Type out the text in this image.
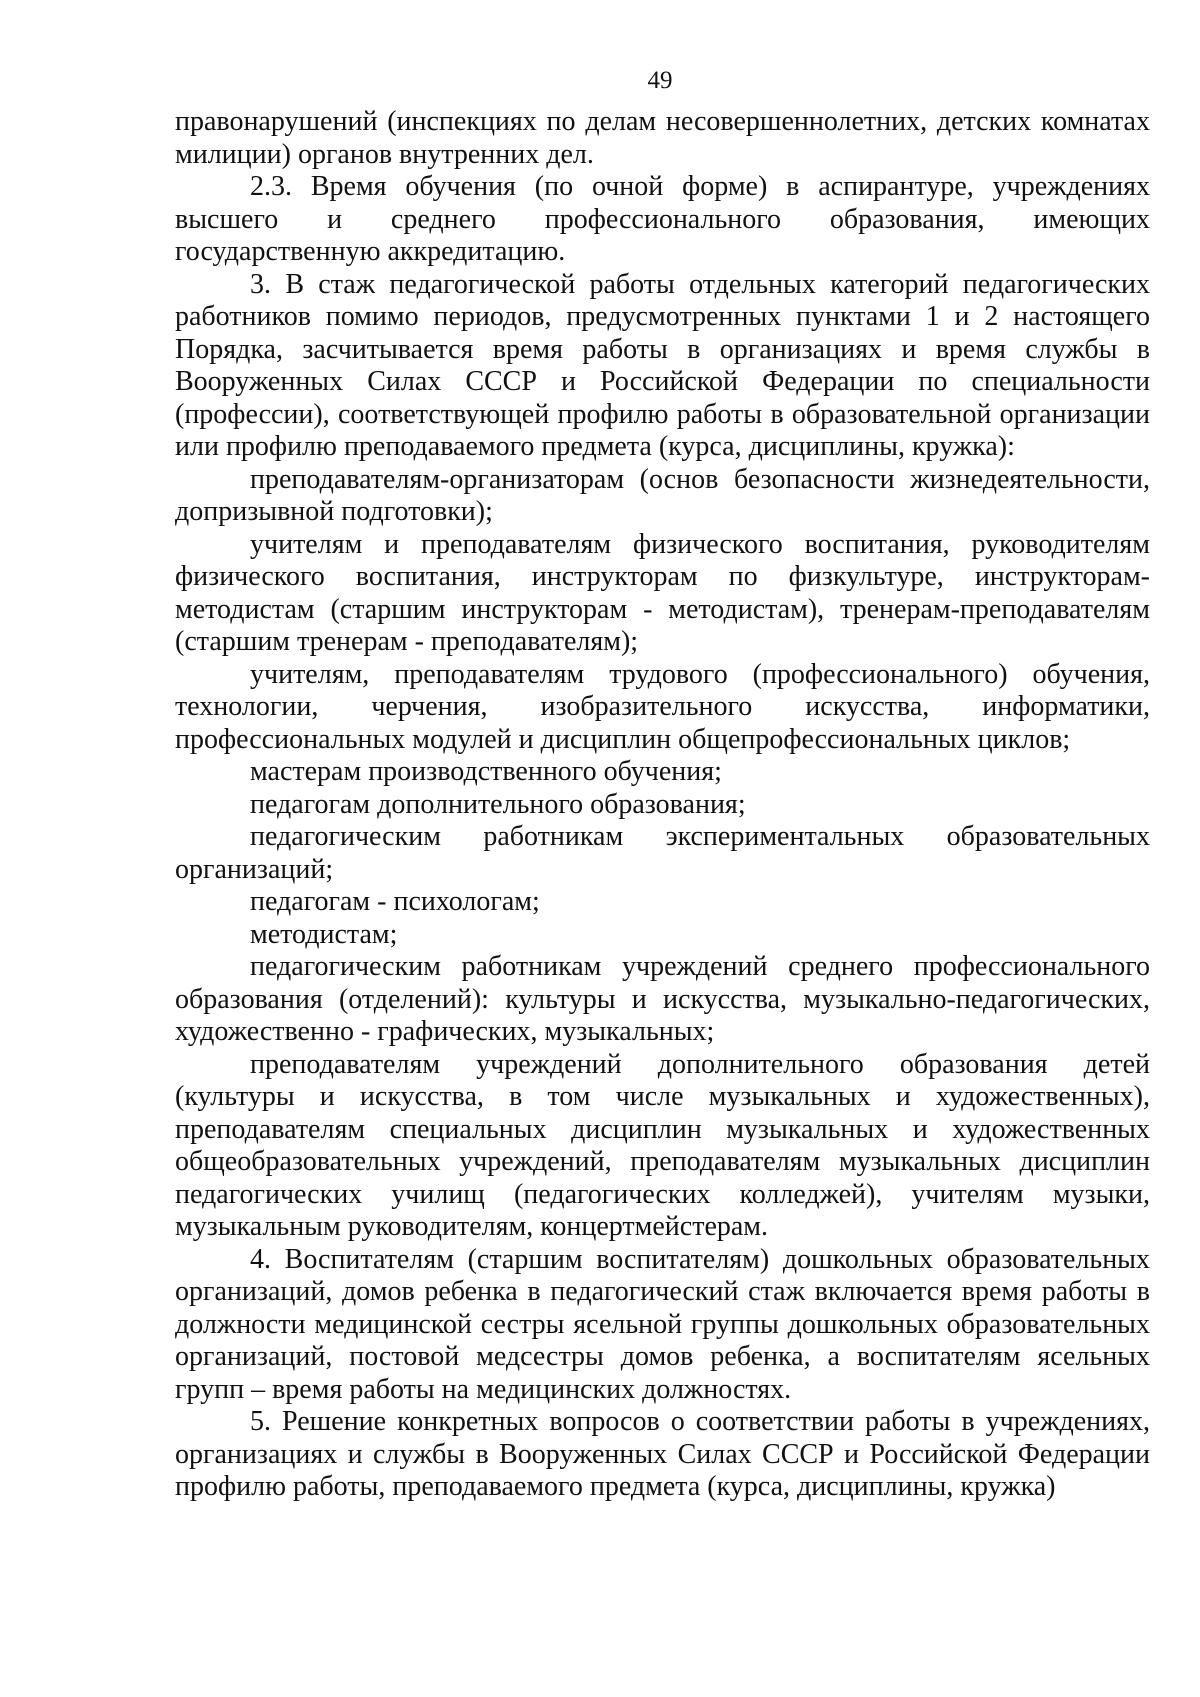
49

правонарушений (инспекциях по делам несовершеннолетних, детских комнатах милиции) органов внутренних дел.

2.3. Время обучения (по очной форме) в аспирантуре, учреждениях высшего и среднего профессионального образования, имеющих государственную аккредитацию.

3. В стаж педагогической работы отдельных категорий педагогических работников помимо периодов, предусмотренных пунктами 1 и 2 настоящего Порядка, засчитывается время работы в организациях и время службы в Вооруженных Силах СССР и Российской Федерации по специальности (профессии), соответствующей профилю работы в образовательной организации или профилю преподаваемого предмета (курса, дисциплины, кружка):

преподавателям-организаторам (основ безопасности жизнедеятельности, допризывной подготовки);

учителям и преподавателям физического воспитания, руководителям физического воспитания, инструкторам по физкультуре, инструкторам-методистам (старшим инструкторам - методистам), тренерам-преподавателям (старшим тренерам - преподавателям);

учителям, преподавателям трудового (профессионального) обучения, технологии, черчения, изобразительного искусства, информатики, профессиональных модулей и дисциплин общепрофессиональных циклов;

мастерам производственного обучения;

педагогам дополнительного образования;

педагогическим работникам экспериментальных образовательных организаций;

педагогам - психологам;

методистам;

педагогическим работникам учреждений среднего профессионального образования (отделений): культуры и искусства, музыкально-педагогических, художественно - графических, музыкальных;

преподавателям учреждений дополнительного образования детей (культуры и искусства, в том числе музыкальных и художественных), преподавателям специальных дисциплин музыкальных и художественных общеобразовательных учреждений, преподавателям музыкальных дисциплин педагогических училищ (педагогических колледжей), учителям музыки, музыкальным руководителям, концертмейстерам.

4. Воспитателям (старшим воспитателям) дошкольных образовательных организаций, домов ребенка в педагогический стаж включается время работы в должности медицинской сестры ясельной группы дошкольных образовательных организаций, постовой медсестры домов ребенка, а воспитателям ясельных групп – время работы на медицинских должностях.

5. Решение конкретных вопросов о соответствии работы в учреждениях, организациях и службы в Вооруженных Силах СССР и Российской Федерации профилю работы, преподаваемого предмета (курса, дисциплины, кружка)
